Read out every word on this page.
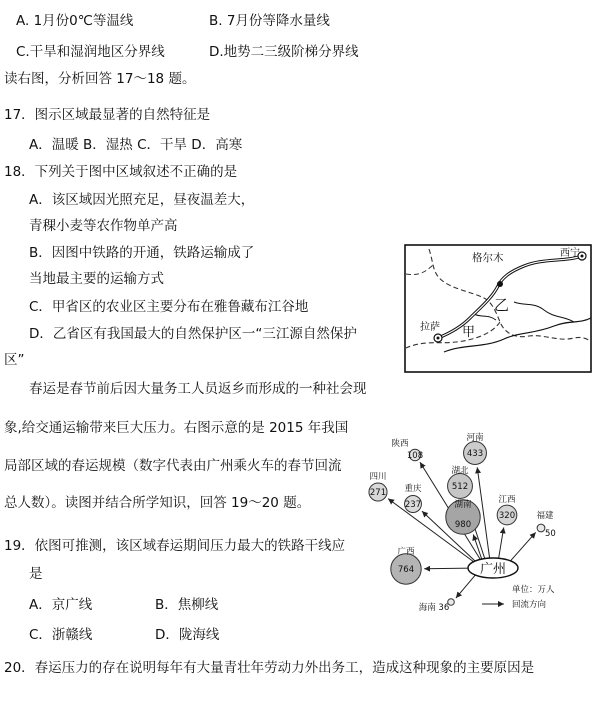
A. 1月份0℃等温线	B. 7月份等降水量线
C.干旱和湿润地区分界线	D.地势二三级阶梯分界线
读右图，分析回答 17～18 题。
17．图示区域最显著的自然特征是
A．温暖 B．湿热 C．干旱 D．高寒
18．下列关于图中区域叙述不正确的是
A．该区域因光照充足，昼夜温差大，
青稞小麦等农作物单产高
B．因图中铁路的开通，铁路运输成了
当地最主要的运输方式
C．甲省区的农业区主要分布在雅鲁藏布江谷地
D．乙省区有我国最大的自然保护区一“三江源自然保护
区”
格尔木	西宁
拉萨
乙
甲
春运是春节前后因大量务工人员返乡而形成的一种社会现
象,给交通运输带来巨大压力。右图示意的是 2015 年我国
局部区域的春运规模（数字代表由广州乘火车的春节回流
总人数）。读图并结合所学知识，回答 19～20 题。
19．依图可推测，该区域春运期间压力最大的铁路干线应
是
A．京广线	B．焦柳线
C．浙赣线	D．陇海线
20．春运压力的存在说明每年有大量青壮年劳动力外出务工，造成这种现象的主要原因是
陕西
108
河南
433
四川
271
湖北
512
重庆
237	湖南
980
江西
320	福建
50
广西
764
海南 36
广州
单位：万人
回流方向
